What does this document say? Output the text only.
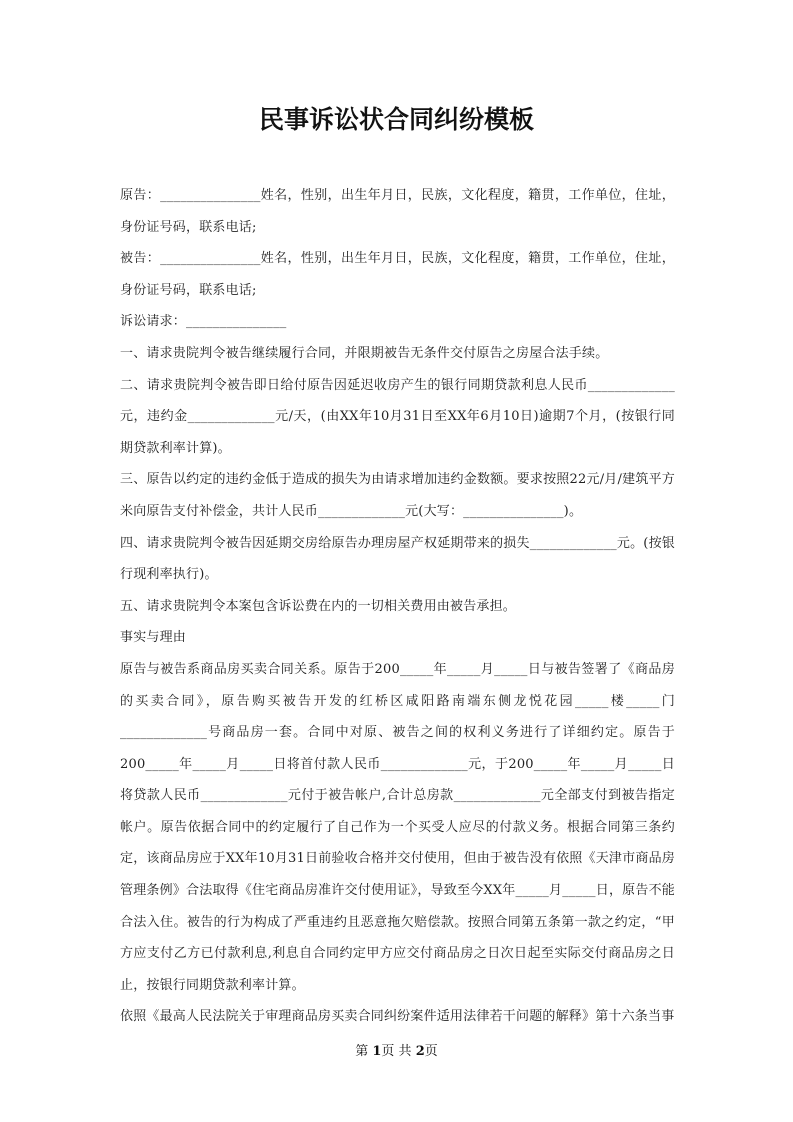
民事诉讼状合同纠纷模板

原告：_______________姓名，性别，出生年月日，民族，文化程度，籍贯，工作单位，住址，身份证号码，联系电话;

被告：_______________姓名，性别，出生年月日，民族，文化程度，籍贯，工作单位，住址，身份证号码，联系电话;

诉讼请求：_______________

一、请求贵院判令被告继续履行合同，并限期被告无条件交付原告之房屋合法手续。

二、请求贵院判令被告即日给付原告因延迟收房产生的银行同期贷款利息人民币_____________元，违约金_____________元/天，(由XX年10月31日至XX年6月10日)逾期7个月，(按银行同期贷款利率计算)。

三、原告以约定的违约金低于造成的损失为由请求增加违约金数额。要求按照22元/月/建筑平方米向原告支付补偿金，共计人民币_____________元(大写：_______________)。

四、请求贵院判令被告因延期交房给原告办理房屋产权延期带来的损失_____________元。(按银行现利率执行)。

五、请求贵院判令本案包含诉讼费在内的一切相关费用由被告承担。

事实与理由

原告与被告系商品房买卖合同关系。原告于200_____年_____月_____日与被告签署了《商品房的买卖合同》，原告购买被告开发的红桥区咸阳路南端东侧龙悦花园_____楼_____门_____________号商品房一套。合同中对原、被告之间的权利义务进行了详细约定。原告于200_____年_____月_____日将首付款人民币_____________元，于200_____年_____月_____日将贷款人民币_____________元付于被告帐户,合计总房款_____________元全部支付到被告指定帐户。原告依据合同中的约定履行了自己作为一个买受人应尽的付款义务。根据合同第三条约定，该商品房应于XX年10月31日前验收合格并交付使用，但由于被告没有依照《天津市商品房管理条例》合法取得《住宅商品房准许交付使用证》，导致至今XX年_____月_____日，原告不能合法入住。被告的行为构成了严重违约且恶意拖欠赔偿款。按照合同第五条第一款之约定，“甲方应支付乙方已付款利息,利息自合同约定甲方应交付商品房之日次日起至实际交付商品房之日止，按银行同期贷款利率计算。

依照《最高人民法院关于审理商品房买卖合同纠纷案件适用法律若干问题的解释》第十六条当事

第 1页 共 2页
